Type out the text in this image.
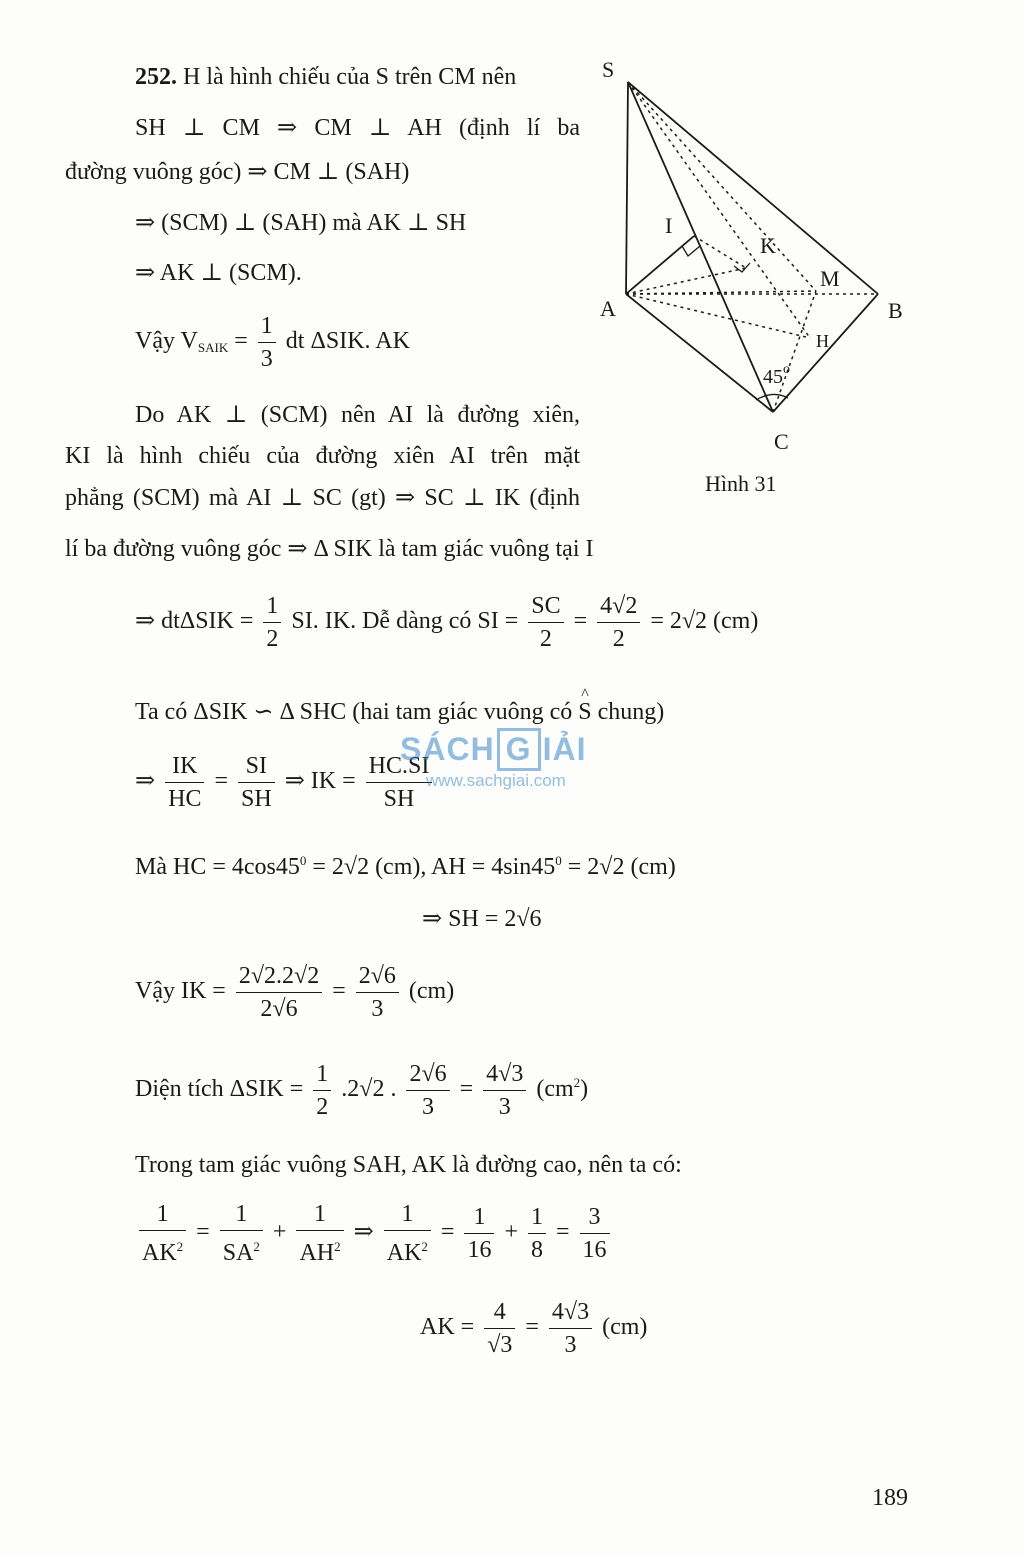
252. H là hình chiếu của S trên CM nên
SH ⊥ CM ⇒ CM ⊥ AH (định lí ba
đường vuông góc) ⇒ CM ⊥ (SAH)
⇒ (SCM) ⊥ (SAH) mà AK ⊥ SH
⇒ AK ⊥ (SCM).
Vậy $V_{SAIK} = \frac{1}{3}$ dt ΔSIK. AK
Do AK ⊥ (SCM) nên AI là đường xiên,
KI là hình chiếu của đường xiên AI trên mặt
phẳng (SCM) mà AI ⊥ SC (gt) ⇒ SC ⊥ IK (định
lí ba đường vuông góc ⇒ Δ SIK là tam giác vuông tại I
⇒ $dt\Delta SIK = \frac{1}{2}$ SI. IK. Dễ dàng có SI = $\frac{SC}{2} = \frac{4√2}{2} = 2√2$ (cm)
Ta có ΔSIK ∽ Δ SHC (hai tam giác vuông có ^ S chung)
⇒ $\frac{IK}{HC} = \frac{SI}{SH}$ ⇒ IK = $\frac{HC.SI}{SH}$
SÁCH G IẢI
www.sachgiai.com
Mà HC = $4\cos 45^0 = 2√2$ (cm), AH = $4\sin 45^0 = 2√2$ (cm)
⇒ SH = 2√6
Vậy IK = $\frac{2√2.2√2}{2√6} = \frac{2√6}{3} (cm)$
Diện tích $\Delta SIK = \frac{1}{2} .2√2$ . $\frac{2√6}{3} = \frac{4√3}{3} (cm^2)$
Trong tam giác vuông SAH, AK là đường cao, nên ta có:
$\frac{1}{AK^2} = \frac{1}{SA^2} + \frac{1}{AH^2}$ ⇒ $\frac{1}{AK^2} = \frac{1}{16} + \frac{1}{8} = \frac{3}{16}$
AK = $\frac{4}{√3} = \frac{4√3}{3} (cm)$
189
S
I
K
M
A	B
H
45$^o$
C
Hình 31
